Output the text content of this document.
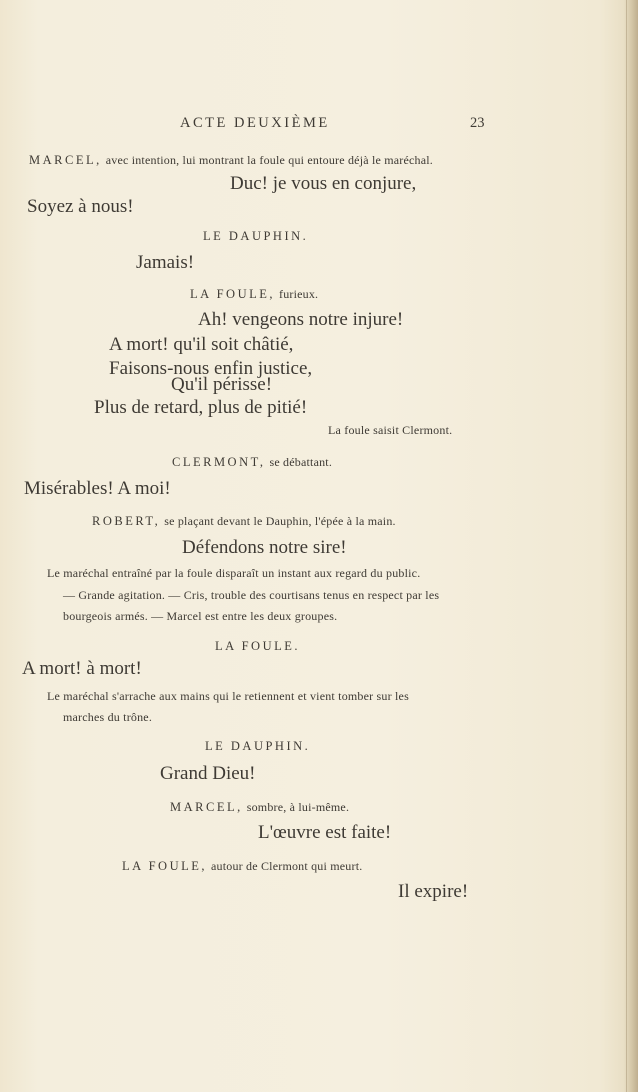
ACTE DEUXIÈME	23

MARCEL, avec intention, lui montrant la foule qui entoure déjà le maréchal.

Duc! je vous en conjure,

Soyez à nous!

LE DAUPHIN.

Jamais!

LA FOULE, furieux.

Ah! vengeons notre injure!

A mort! qu'il soit châtié,

Faisons-nous enfin justice,

Qu'il périsse!

Plus de retard, plus de pitié!

La foule saisit Clermont.

CLERMONT, se débattant.

Misérables! A moi!

ROBERT, se plaçant devant le Dauphin, l'épée à la main.

Défendons notre sire!

Le maréchal entraîné par la foule disparaît un instant aux regard du public.

— Grande agitation. — Cris, trouble des courtisans tenus en respect par les

bourgeois armés. — Marcel est entre les deux groupes.

LA FOULE.

A mort! à mort!

Le maréchal s'arrache aux mains qui le retiennent et vient tomber sur les

marches du trône.

LE DAUPHIN.

Grand Dieu!

MARCEL, sombre, à lui-même.

L'œuvre est faite!

LA FOULE, autour de Clermont qui meurt.

Il expire!
